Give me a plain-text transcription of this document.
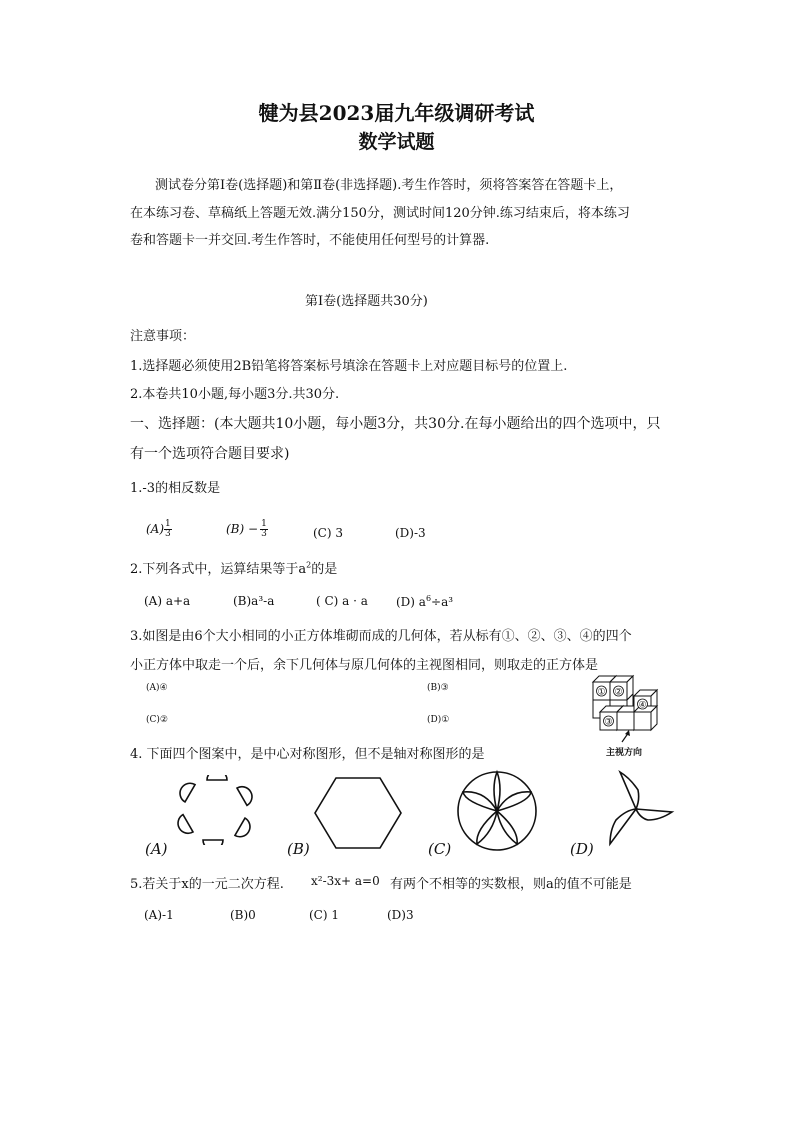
犍为县2023届九年级调研考试
数学试题
测试卷分第Ⅰ卷(选择题)和第Ⅱ卷(非选择题).考生作答时，须将答案答在答题卡上，
在本练习卷、草稿纸上答题无效.满分150分，测试时间120分钟.练习结束后，将本练习
卷和答题卡一并交回.考生作答时，不能使用任何型号的计算器.
第Ⅰ卷(选择题共30分)
注意事项：
1.选择题必须使用2B铅笔将答案标号填涂在答题卡上对应题目标号的位置上.
2.本卷共10小题,每小题3分.共30分.
一、选择题：(本大题共10小题，每小题3分，共30分.在每小题给出的四个选项中，只
有一个选项符合题目要求)
1.-3的相反数是
$(A) \frac{1}{3}$	$(B) - \frac{1}{3}$	(C) 3	(D)-3
2.下列各式中，运算结果等于$a^2$的是
(A) a+a	(B)a³-a	( C) a · a (D) $a^6\div a^3$
3.如图是由6个大小相同的小正方体堆砌而成的几何体，若从标有①、②、③、④的四个
小正方体中取走一个后，余下几何体与原几何体的主视图相同，则取走的正方体是
(A)④	(B)③
(C)②	(D)①
① ②
③
④
主视方向
4. 下面四个图案中，是中心对称图形，但不是轴对称图形的是
(A)	(B)	(C)	(D)
5.若关于x的一元二次方程. x²-3x+ a=0 有两个不相等的实数根，则a的值不可能是
(A)-1	(B)0	(C) 1	(D)3
